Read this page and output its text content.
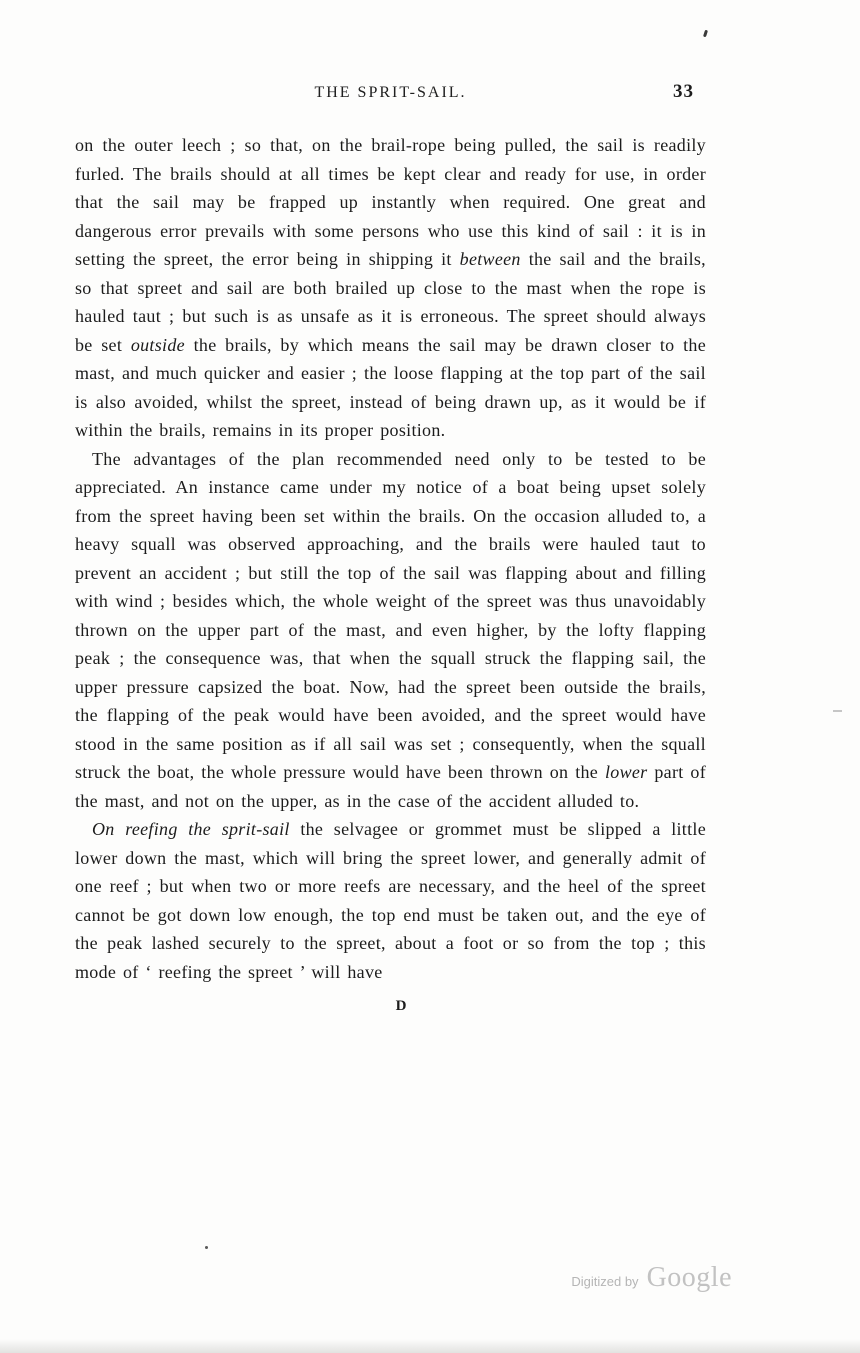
THE SPRIT-SAIL.	33

on the outer leech ; so that, on the brail-rope being pulled, the sail is readily furled. The brails should at all times be kept clear and ready for use, in order that the sail may be frapped up instantly when required. One great and dangerous error prevails with some persons who use this kind of sail : it is in setting the spreet, the error being in shipping it between the sail and the brails, so that spreet and sail are both brailed up close to the mast when the rope is hauled taut ; but such is as unsafe as it is erroneous. The spreet should always be set outside the brails, by which means the sail may be drawn closer to the mast, and much quicker and easier ; the loose flapping at the top part of the sail is also avoided, whilst the spreet, instead of being drawn up, as it would be if within the brails, remains in its proper position.

The advantages of the plan recommended need only to be tested to be appreciated. An instance came under my notice of a boat being upset solely from the spreet having been set within the brails. On the occasion alluded to, a heavy squall was observed approaching, and the brails were hauled taut to prevent an accident ; but still the top of the sail was flapping about and filling with wind ; besides which, the whole weight of the spreet was thus unavoidably thrown on the upper part of the mast, and even higher, by the lofty flapping peak ; the consequence was, that when the squall struck the flapping sail, the upper pressure capsized the boat. Now, had the spreet been outside the brails, the flapping of the peak would have been avoided, and the spreet would have stood in the same position as if all sail was set ; consequently, when the squall struck the boat, the whole pressure would have been thrown on the lower part of the mast, and not on the upper, as in the case of the accident alluded to.

On reefing the sprit-sail the selvagee or grommet must be slipped a little lower down the mast, which will bring the spreet lower, and generally admit of one reef ; but when two or more reefs are necessary, and the heel of the spreet cannot be got down low enough, the top end must be taken out, and the eye of the peak lashed securely to the spreet, about a foot or so from the top ; this mode of ‘ reefing the spreet ’ will have

D
Digitized by Google
